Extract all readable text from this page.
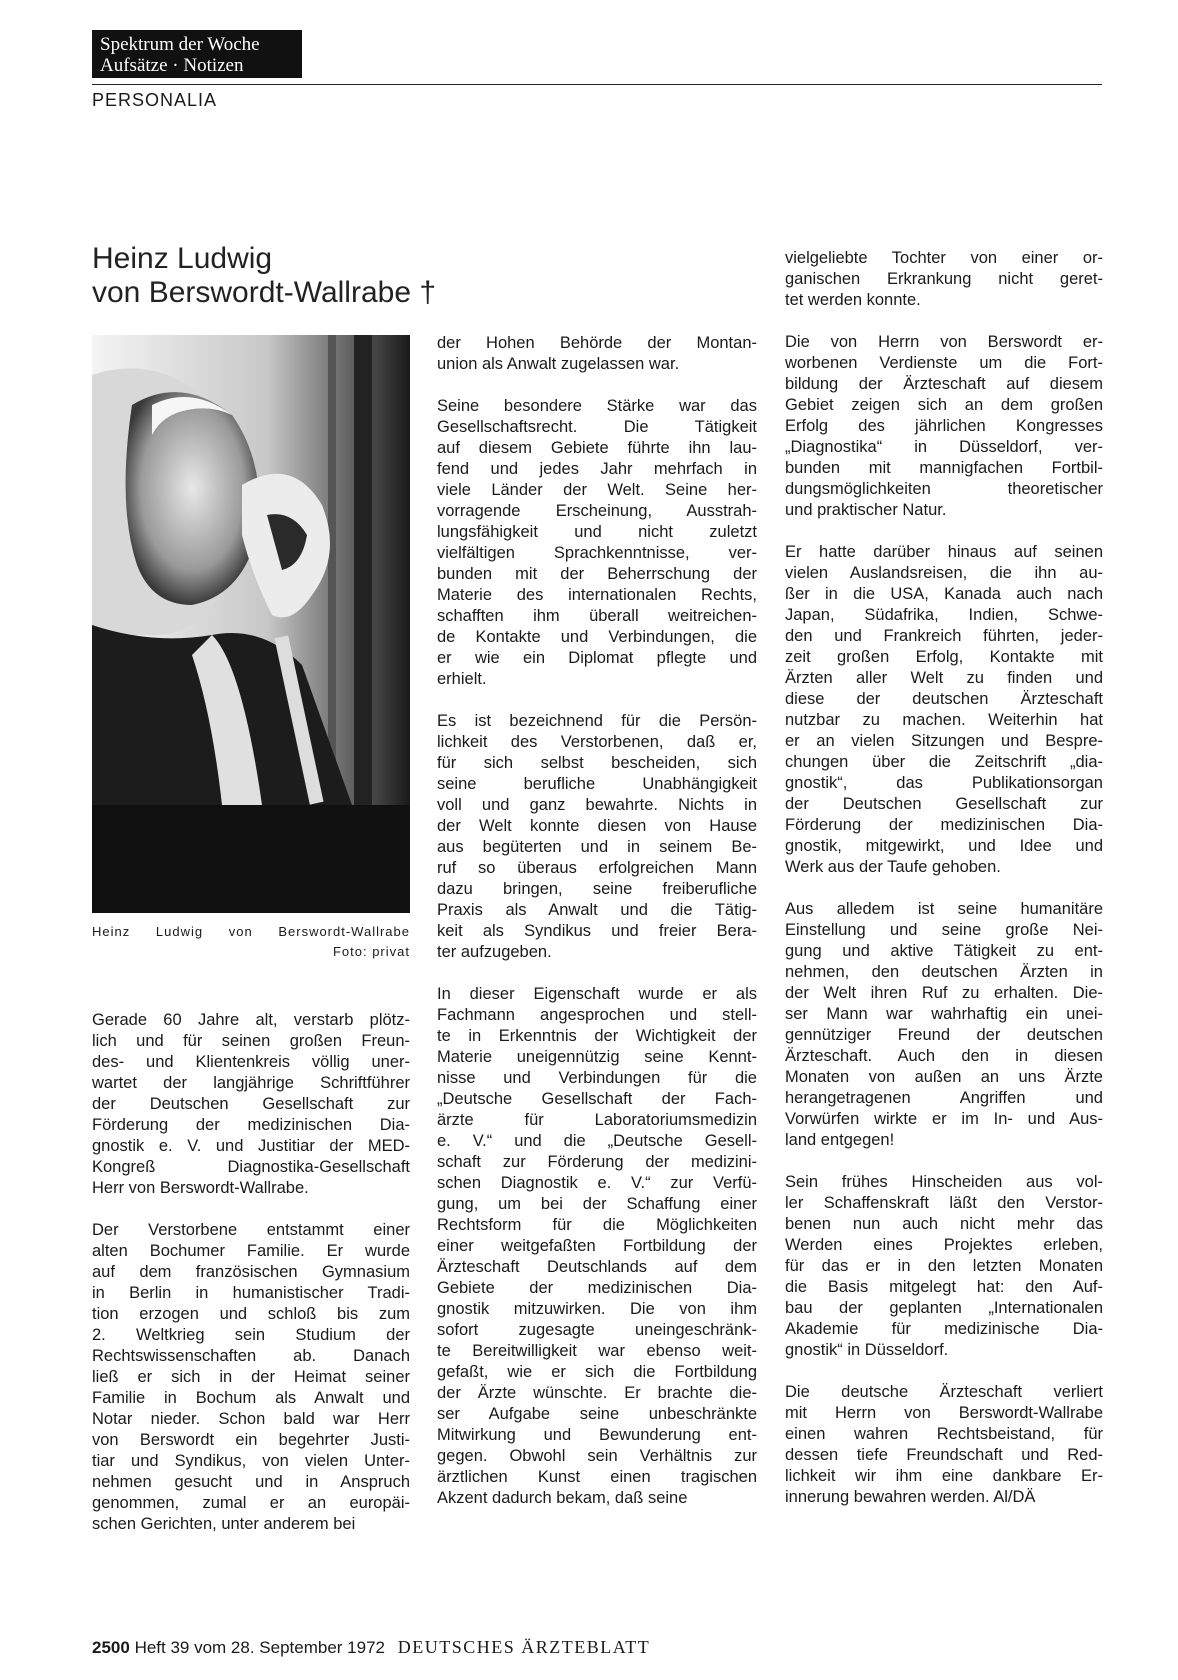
Spektrum der Woche
Aufsätze · Notizen
PERSONALIA
Heinz Ludwig
von Berswordt-Wallrabe †
Heinz Ludwig von Berswordt-Wallrabe
Foto: privat

Gerade 60 Jahre alt, verstarb plötz-
lich und für seinen großen Freun-
des- und Klientenkreis völlig uner-
wartet der langjährige Schriftführer
der Deutschen Gesellschaft zur
Förderung der medizinischen Dia-
gnostik e. V. und Justitiar der MED-
Kongreß Diagnostika-Gesellschaft
Herr von Berswordt-Wallrabe.

Der Verstorbene entstammt einer
alten Bochumer Familie. Er wurde
auf dem französischen Gymnasium
in Berlin in humanistischer Tradi-
tion erzogen und schloß bis zum
2. Weltkrieg sein Studium der
Rechtswissenschaften ab. Danach
ließ er sich in der Heimat seiner
Familie in Bochum als Anwalt und
Notar nieder. Schon bald war Herr
von Berswordt ein begehrter Justi-
tiar und Syndikus, von vielen Unter-
nehmen gesucht und in Anspruch
genommen, zumal er an europäi-
schen Gerichten, unter anderem bei

der Hohen Behörde der Montan-
union als Anwalt zugelassen war.

Seine besondere Stärke war das
Gesellschaftsrecht. Die Tätigkeit
auf diesem Gebiete führte ihn lau-
fend und jedes Jahr mehrfach in
viele Länder der Welt. Seine her-
vorragende Erscheinung, Ausstrah-
lungsfähigkeit und nicht zuletzt
vielfältigen Sprachkenntnisse, ver-
bunden mit der Beherrschung der
Materie des internationalen Rechts,
schafften ihm überall weitreichen-
de Kontakte und Verbindungen, die
er wie ein Diplomat pflegte und
erhielt.

Es ist bezeichnend für die Persön-
lichkeit des Verstorbenen, daß er,
für sich selbst bescheiden, sich
seine berufliche Unabhängigkeit
voll und ganz bewahrte. Nichts in
der Welt konnte diesen von Hause
aus begüterten und in seinem Be-
ruf so überaus erfolgreichen Mann
dazu bringen, seine freiberufliche
Praxis als Anwalt und die Tätig-
keit als Syndikus und freier Bera-
ter aufzugeben.

In dieser Eigenschaft wurde er als
Fachmann angesprochen und stell-
te in Erkenntnis der Wichtigkeit der
Materie uneigennützig seine Kennt-
nisse und Verbindungen für die
„Deutsche Gesellschaft der Fach-
ärzte für Laboratoriumsmedizin
e. V.“ und die „Deutsche Gesell-
schaft zur Förderung der medizini-
schen Diagnostik e. V.“ zur Verfü-
gung, um bei der Schaffung einer
Rechtsform für die Möglichkeiten
einer weitgefaßten Fortbildung der
Ärzteschaft Deutschlands auf dem
Gebiete der medizinischen Dia-
gnostik mitzuwirken. Die von ihm
sofort zugesagte uneingeschränk-
te Bereitwilligkeit war ebenso weit-
gefaßt, wie er sich die Fortbildung
der Ärzte wünschte. Er brachte die-
ser Aufgabe seine unbeschränkte
Mitwirkung und Bewunderung ent-
gegen. Obwohl sein Verhältnis zur
ärztlichen Kunst einen tragischen
Akzent dadurch bekam, daß seine

vielgeliebte Tochter von einer or-
ganischen Erkrankung nicht geret-
tet werden konnte.

Die von Herrn von Berswordt er-
worbenen Verdienste um die Fort-
bildung der Ärzteschaft auf diesem
Gebiet zeigen sich an dem großen
Erfolg des jährlichen Kongresses
„Diagnostika“ in Düsseldorf, ver-
bunden mit mannigfachen Fortbil-
dungsmöglichkeiten theoretischer
und praktischer Natur.

Er hatte darüber hinaus auf seinen
vielen Auslandsreisen, die ihn au-
ßer in die USA, Kanada auch nach
Japan, Südafrika, Indien, Schwe-
den und Frankreich führten, jeder-
zeit großen Erfolg, Kontakte mit
Ärzten aller Welt zu finden und
diese der deutschen Ärzteschaft
nutzbar zu machen. Weiterhin hat
er an vielen Sitzungen und Bespre-
chungen über die Zeitschrift „dia-
gnostik“, das Publikationsorgan
der Deutschen Gesellschaft zur
Förderung der medizinischen Dia-
gnostik, mitgewirkt, und Idee und
Werk aus der Taufe gehoben.

Aus alledem ist seine humanitäre
Einstellung und seine große Nei-
gung und aktive Tätigkeit zu ent-
nehmen, den deutschen Ärzten in
der Welt ihren Ruf zu erhalten. Die-
ser Mann war wahrhaftig ein unei-
gennütziger Freund der deutschen
Ärzteschaft. Auch den in diesen
Monaten von außen an uns Ärzte
herangetragenen Angriffen und
Vorwürfen wirkte er im In- und Aus-
land entgegen!

Sein frühes Hinscheiden aus vol-
ler Schaffenskraft läßt den Verstor-
benen nun auch nicht mehr das
Werden eines Projektes erleben,
für das er in den letzten Monaten
die Basis mitgelegt hat: den Auf-
bau der geplanten „Internationalen
Akademie für medizinische Dia-
gnostik“ in Düsseldorf.

Die deutsche Ärzteschaft verliert
mit Herrn von Berswordt-Wallrabe
einen wahren Rechtsbeistand, für
dessen tiefe Freundschaft und Red-
lichkeit wir ihm eine dankbare Er-
innerung bewahren werden. Al/DÄ

2500 Heft 39 vom 28. September 1972 DEUTSCHES ÄRZTEBLATT
